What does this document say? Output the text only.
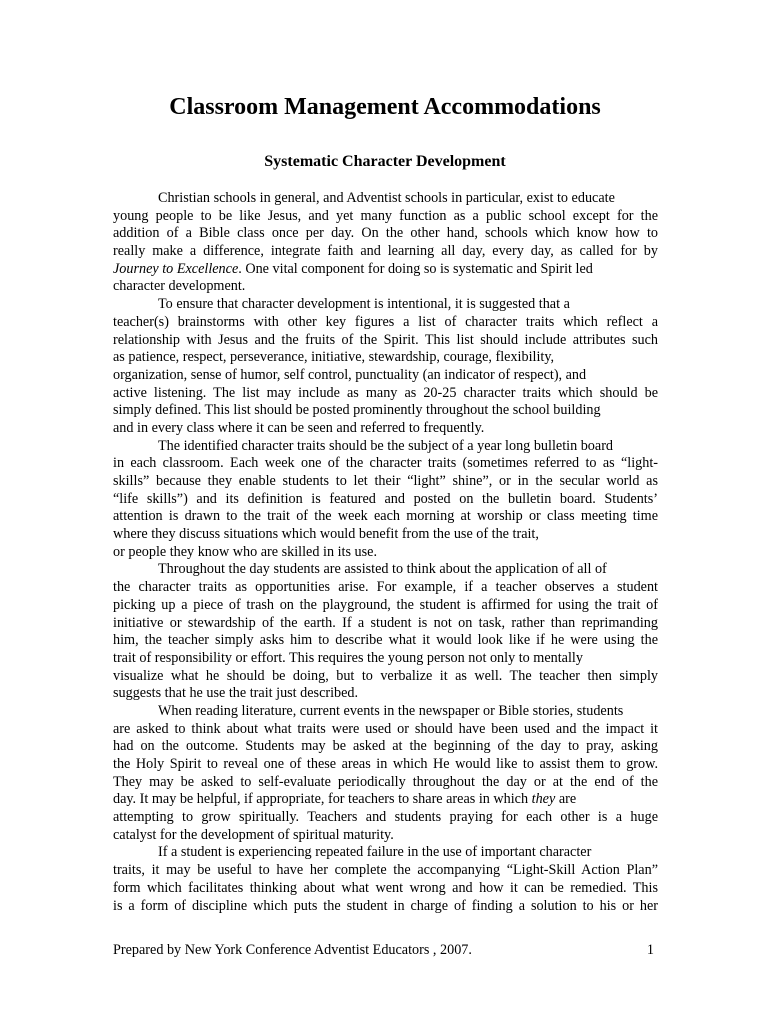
Classroom Management Accommodations
Systematic Character Development
Christian schools in general, and Adventist schools in particular, exist to educate
young people to be like Jesus, and yet many function as a public school except for the
addition of a Bible class once per day. On the other hand, schools which know how to
really make a difference, integrate faith and learning all day, every day, as called for by
Journey to Excellence. One vital component for doing so is systematic and Spirit led
character development.
To ensure that character development is intentional, it is suggested that a
teacher(s) brainstorms with other key figures a list of character traits which reflect a
relationship with Jesus and the fruits of the Spirit. This list should include attributes such
as patience, respect, perseverance, initiative, stewardship, courage, flexibility,
organization, sense of humor, self control, punctuality (an indicator of respect), and
active listening. The list may include as many as 20-25 character traits which should be
simply defined. This list should be posted prominently throughout the school building
and in every class where it can be seen and referred to frequently.
The identified character traits should be the subject of a year long bulletin board
in each classroom. Each week one of the character traits (sometimes referred to as “light-
skills” because they enable students to let their “light” shine”, or in the secular world as
“life skills”) and its definition is featured and posted on the bulletin board. Students’
attention is drawn to the trait of the week each morning at worship or class meeting time
where they discuss situations which would benefit from the use of the trait,
or people they know who are skilled in its use.
Throughout the day students are assisted to think about the application of all of
the character traits as opportunities arise. For example, if a teacher observes a student
picking up a piece of trash on the playground, the student is affirmed for using the trait of
initiative or stewardship of the earth. If a student is not on task, rather than reprimanding
him, the teacher simply asks him to describe what it would look like if he were using the
trait of responsibility or effort. This requires the young person not only to mentally
visualize what he should be doing, but to verbalize it as well. The teacher then simply
suggests that he use the trait just described.
When reading literature, current events in the newspaper or Bible stories, students
are asked to think about what traits were used or should have been used and the impact it
had on the outcome. Students may be asked at the beginning of the day to pray, asking
the Holy Spirit to reveal one of these areas in which He would like to assist them to grow.
They may be asked to self-evaluate periodically throughout the day or at the end of the
day. It may be helpful, if appropriate, for teachers to share areas in which they are
attempting to grow spiritually. Teachers and students praying for each other is a huge
catalyst for the development of spiritual maturity.
If a student is experiencing repeated failure in the use of important character
traits, it may be useful to have her complete the accompanying “Light-Skill Action Plan”
form which facilitates thinking about what went wrong and how it can be remedied. This
is a form of discipline which puts the student in charge of finding a solution to his or her
Prepared by New York Conference Adventist Educators , 2007.	1
